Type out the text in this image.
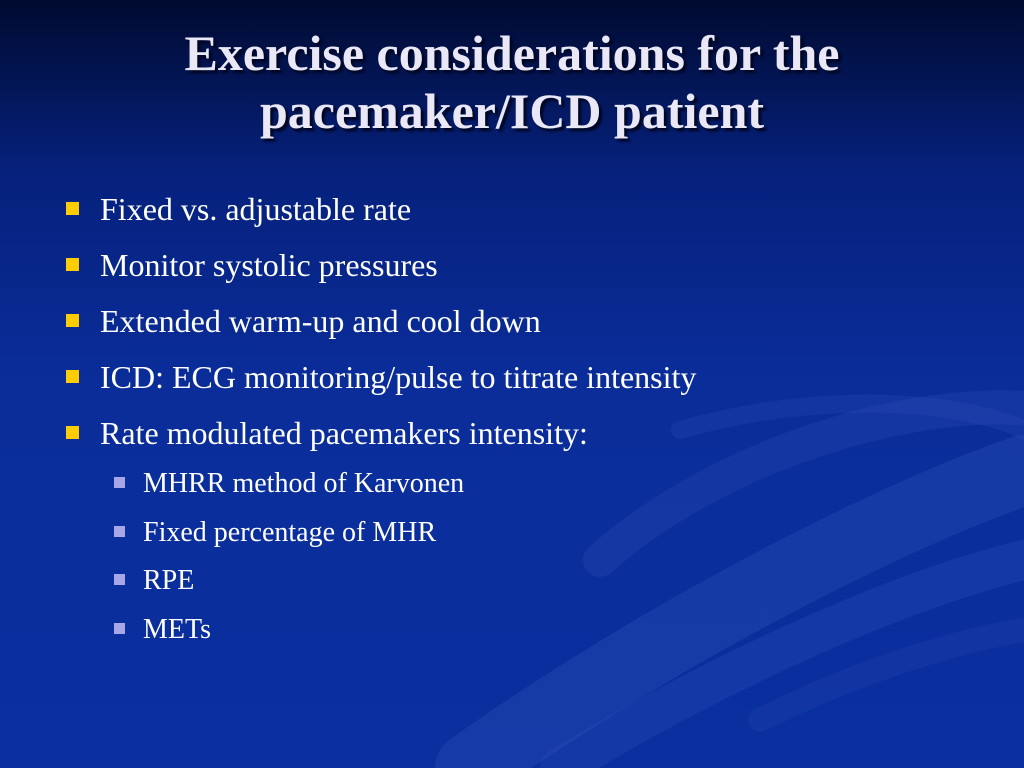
Exercise considerations for the pacemaker/ICD patient
Fixed vs. adjustable rate
Monitor systolic pressures
Extended warm-up and cool down
ICD: ECG monitoring/pulse to titrate intensity
Rate modulated pacemakers intensity:
MHRR method of Karvonen
Fixed percentage of MHR
RPE
METs
